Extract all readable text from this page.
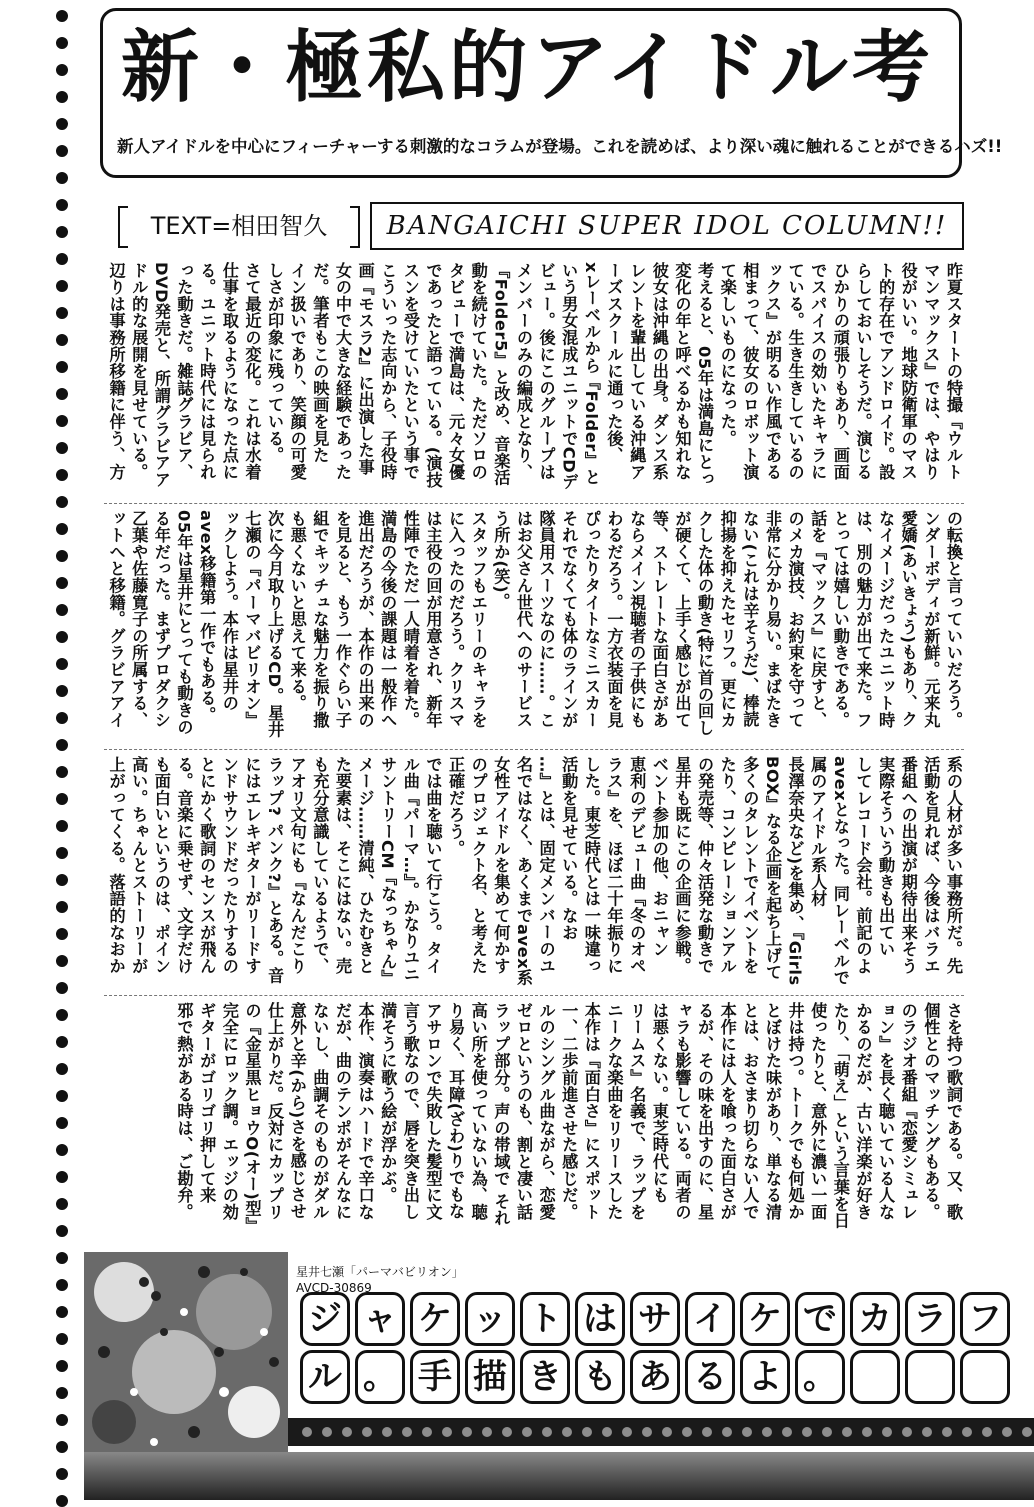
新・極私的アイドル考
新人アイドルを中心にフィーチャーする刺激的なコラムが登場。これを読めば、より深い魂に触れることができるハズ!!
TEXT=相田智久	BANGAICHI SUPER IDOL COLUMN!!
昨夏スタートの特撮『ウルト
マンマックス』では、やはり
役がいい。地球防衛軍のマス
ト的存在でアンドロイド。設
らしておいしそうだ。演じる
ひかりの頑張りもあり、画面
でスパイスの効いたキャラに
ている。生き生きしているの
ックス』が明るい作風である
相まって、彼女のロボット演
て楽しいものになった。
考えると、05年は満島にとっ
変化の年と呼べるかも知れな
彼女は沖縄の出身。ダンス系
レントを輩出している沖縄ア
ーズスクールに通った後、
xレーベルから『Folder』と
いう男女混成ユニットでCDデ
ビュー。後にこのグループは
メンバーのみの編成となり、
『Folder5』と改め、音楽活
動を続けていた。ただソロの
タビューで満島は、元々女優
であったと語っている。(演技
スンを受けていたという事で
こういった志向から、子役時
画『モスラ2』に出演した事
女の中で大きな経験であった
だ。筆者もこの映画を見た
イン扱いであり、笑顔の可愛
しさが印象に残っている。
さて最近の変化。これは水着
仕事を取るようになった点に
る。ユニット時代には見られ
った動きだ。雑誌グラビア、
DVD発売と、所謂グラビアア
ドル的な展開を見せている。
辺りは事務所移籍に伴う、方
の転換と言っていいだろう。
ンダーボディが新鮮。元来丸
愛嬌(あいきょう)もあり、ク
なイメージだったユニット時
は、別の魅力が出て来た。フ
とっては嬉しい動きである。
話を『マックス』に戻すと、
のメカ演技、お約束を守って
非常に分かり易い。まばたき
ない(これは辛そうだ)、棒読
抑揚を抑えたセリフ。更にカ
クした体の動き(特に首の回し
が硬くて、上手く感じが出て
等、ストレートな面白さがあ
ならメイン視聴者の子供にも
わるだろう。一方衣装面を見
ぴったりタイトなミニスカー
それでなくても体のラインが
隊員用スーツなのに……。こ
はお父さん世代へのサービス
う所か(笑)。
スタッフもエリーのキャラを
に入ったのだろう。クリスマ
は主役の回が用意され、新年
性陣でただ一人晴着を着た。
満島の今後の課題は一般作へ
進出だろうが、本作の出来の
を見ると、もう一作ぐらい子
組でキッチュな魅力を振り撒
も悪くないと思えて来る。
次に今月取り上げるCD。星井
七瀬の『パーマバビリオン』
ックしよう。本作は星井の
avex移籍第一作でもある。
05年は星井にとっても動きの
る年だった。まずプロダクシ
乙葉や佐藤寛子の所属する、
ットへと移籍。グラビアアイ
系の人材が多い事務所だ。先
活動を見れば、今後はバラエ
番組への出演が期待出来そう
実際そういう動きも出てい
してレコード会社。前記のよ
avexとなった。同レーベルで
属のアイドル系人材
長澤奈央など)を集め、『Girls
BOX』なる企画を起ち上げて
多くのタレントでイベントを
たり、コンピレーションアル
の発売等、仲々活発な動きで
星井も既にこの企画に参戦。
ベント参加の他、おニャン
恵利のデビュー曲『冬のオペ
ラス』を、ほぼ二十年振りに
した。東芝時代とは一味違っ
活動を見せている。なお
…』とは、固定メンバーのユ
名ではなく、あくまでavex系
女性アイドルを集めて何かす
のプロジェクト名、と考えた
正確だろう。
では曲を聴いて行こう。タイ
ル曲『パーマ…』。かなりユニ
サントリーCM『なっちゃん』
メージ……清純、ひたむきと
た要素は、そこにはない。売
も充分意識しているようで、
アオリ文句にも『なんだこり
ラップ? パンク?』とある。音
にはエレキギターがリードす
ンドサウンドだったりするの
とにかく歌詞のセンスが飛ん
る。音楽に乗せず、文字だけ
も面白いというのは、ポイン
高い。ちゃんとストーリーが
上がってくる。落語的なおか
さを持つ歌詞である。又、歌
個性とのマッチングもある。
のラジオ番組『恋愛シミュレ
ョン』を長く聴いている人な
かるのだが、古い洋楽が好き
たり、「萌え」という言葉を日
使ったりと、意外に濃い一面
井は持つ。トークでも何処か
とぼけた味があり、単なる清
とは、おさまり切らない人で
本作には人を喰った面白さが
るが、その味を出すのに、星
ャラも影響している。両者の
は悪くない。東芝時代にも
リームス』名義で、ラップを
ニークな楽曲をリリースした
本作は『面白さ』にスポット
一、二歩前進させた感じだ。
ルのシングル曲ながら、恋愛
ゼロというのも、割と凄い話
ラップ部分。声の帯域で それ
高い所を使っていない為、聴
り易く、耳障(ざわ)りでもな
アサロンで失敗した髪型に文
言う歌なので、唇を突き出し
満そうに歌う絵が浮かぶ。
本作、演奏はハードで辛口な
だが、曲のテンポがそんなに
ないし、曲調そのものがダル
意外と辛(から)さを感じさせ
仕上がりだ。反対にカップリ
の『金星黒ヒョウO(オー)型』
完全にロック調。エッジの効
ギターがゴリゴリ押して来
邪で熱がある時は、ご勘弁。
星井七瀬「パーマバビリオン」
AVCD-30869
ジ ャ ケ ッ ト は サ イ ケ で カ ラ フ
ル 。 手 描 き も あ る よ 。
